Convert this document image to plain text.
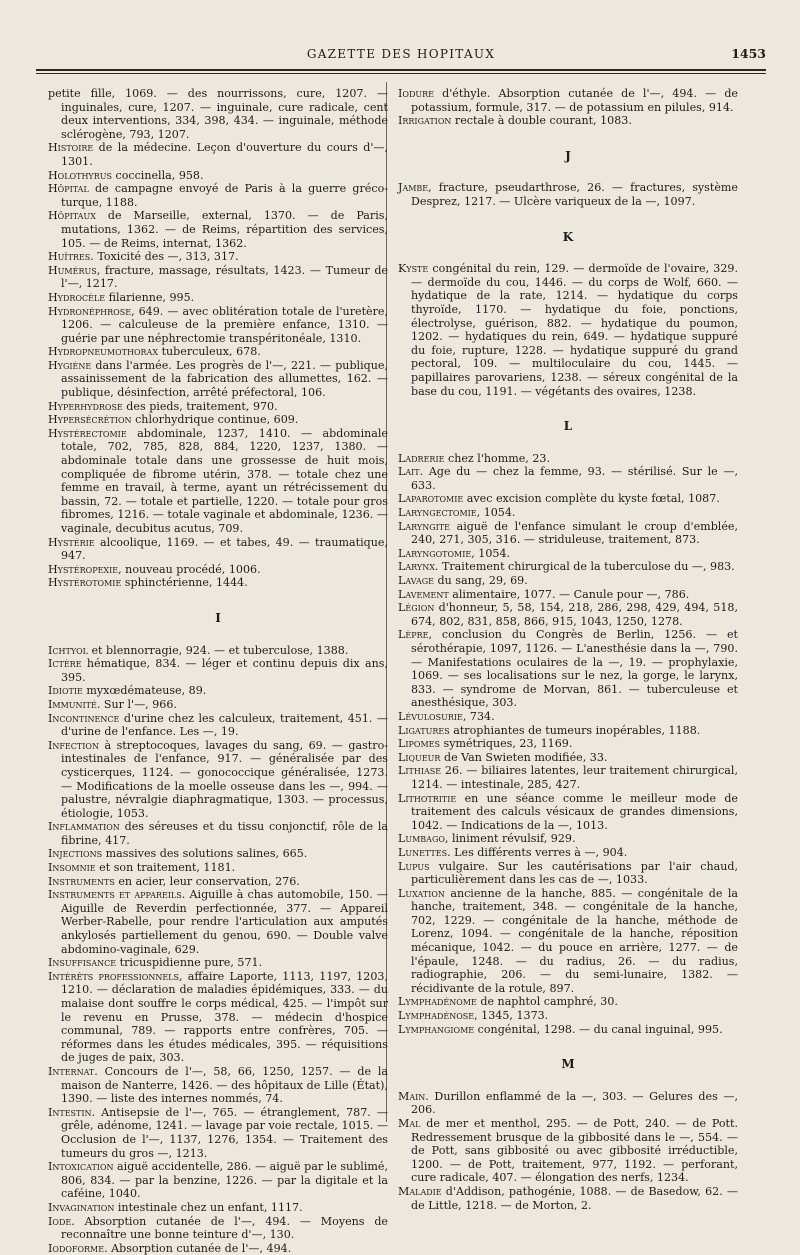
GAZETTE DES HOPITAUX	1453

petite fille, 1069. — des nourrissons, cure, 1207. — inguinales, cure, 1207. — inguinale, cure radicale, cent deux interventions, 334, 398, 434. — inguinale, méthode sclérogène, 793, 1207.

Histoire de la médecine. Leçon d'ouverture du cours d'—, 1301.

Holothyrus coccinella, 958.

Hôpital de campagne envoyé de Paris à la guerre gréco-turque, 1188.

Hôpitaux de Marseille, external, 1370. — de Paris, mutations, 1362. — de Reims, répartition des services, 105. — de Reims, internat, 1362.

Huîtres. Toxicité des —, 313, 317.

Humérus, fracture, massage, résultats, 1423. — Tumeur de l'—, 1217.

Hydrocèle filarienne, 995.

Hydronéphrose, 649. — avec oblitération totale de l'uretère, 1206. — calculeuse de la première enfance, 1310. — guérie par une néphrectomie transpéritonéale, 1310.

Hydropneumothorax tuberculeux, 678.

Hygiène dans l'armée. Les progrès de l'—, 221. — publique, assainissement de la fabrication des allumettes, 162. — publique, désinfection, arrêté préfectoral, 106.

Hyperhydrose des pieds, traitement, 970.

Hypersécrétion chlorhydrique continue, 609.

Hystérectomie abdominale, 1237, 1410. — abdominale totale, 702, 785, 828, 884, 1220, 1237, 1380. — abdominale totale dans une grossesse de huit mois, compliquée de fibrome utérin, 378. — totale chez une femme en travail, à terme, ayant un rétrécissement du bassin, 72. — totale et partielle, 1220. — totale pour gros fibromes, 1216. — totale vaginale et abdominale, 1236. — vaginale, decubitus acutus, 709.

Hystérie alcoolique, 1169. — et tabes, 49. — traumatique, 947.

Hystéropexie, nouveau procédé, 1006.

Hystérotomie sphinctérienne, 1444.

I

Ichtyol et blennorragie, 924. — et tuberculose, 1388.

Ictère hématique, 834. — léger et continu depuis dix ans, 395.

Idiotie myxœdémateuse, 89.

Immunité. Sur l'—, 966.

Incontinence d'urine chez les calculeux, traitement, 451. — d'urine de l'enfance. Les —, 19.

Infection à streptocoques, lavages du sang, 69. — gastro-intestinales de l'enfance, 917. — généralisée par des cysticerques, 1124. — gonococcique généralisée, 1273. — Modifications de la moelle osseuse dans les —, 994. — palustre, névralgie diaphragmatique, 1303. — processus, étiologie, 1053.

Inflammation des séreuses et du tissu conjonctif, rôle de la fibrine, 417.

Injections massives des solutions salines, 665.

Insomnie et son traitement, 1181.

Instruments en acier, leur conservation, 276.

Instruments et appareils. Aiguille à chas automobile, 150. — Aiguille de Reverdin perfectionnée, 377. — Appareil Werber-Rabelle, pour rendre l'articulation aux amputés ankylosés partiellement du genou, 690. — Double valve abdomino-vaginale, 629.

Insuffisance tricuspidienne pure, 571.

Intérêts professionnels, affaire Laporte, 1113, 1197, 1203, 1210. — déclaration de maladies épidémiques, 333. — du malaise dont souffre le corps médical, 425. — l'impôt sur le revenu en Prusse, 378. — médecin d'hospice communal, 789. — rapports entre confrères, 705. — réformes dans les études médicales, 395. — réquisitions de juges de paix, 303.

Internat. Concours de l'—, 58, 66, 1250, 1257. — de la maison de Nanterre, 1426. — des hôpitaux de Lille (État), 1390. — liste des internes nommés, 74.

Intestin. Antisepsie de l'—, 765. — étranglement, 787. — grêle, adénome, 1241. — lavage par voie rectale, 1015. — Occlusion de l'—, 1137, 1276, 1354. — Traitement des tumeurs du gros —, 1213.

Intoxication aiguë accidentelle, 286. — aiguë par le sublimé, 806, 834. — par la benzine, 1226. — par la digitale et la caféine, 1040.

Invagination intestinale chez un enfant, 1117.

Iode. Absorption cutanée de l'—, 494. — Moyens de reconnaître une bonne teinture d'—, 130.

Iodoforme. Absorption cutanée de l'—, 494.

Iodure d'éthyle. Absorption cutanée de l'—, 494. — de potassium, formule, 317. — de potassium en pilules, 914.

Irrigation rectale à double courant, 1083.

J

Jambe, fracture, pseudarthrose, 26. — fractures, système Desprez, 1217. — Ulcère variqueux de la —, 1097.

K

Kyste congénital du rein, 129. — dermoïde de l'ovaire, 329. — dermoïde du cou, 1446. — du corps de Wolf, 660. — hydatique de la rate, 1214. — hydatique du corps thyroïde, 1170. — hydatique du foie, ponctions, électrolyse, guérison, 882. — hydatique du poumon, 1202. — hydatiques du rein, 649. — hydatique suppuré du foie, rupture, 1228. — hydatique suppuré du grand pectoral, 109. — multiloculaire du cou, 1445. — papillaires parovariens, 1238. — séreux congénital de la base du cou, 1191. — végétants des ovaires, 1238.

L

Ladrerie chez l'homme, 23.

Lait. Age du — chez la femme, 93. — stérilisé. Sur le —, 633.

Laparotomie avec excision complète du kyste fœtal, 1087.

Laryngectomie, 1054.

Laryngite aiguë de l'enfance simulant le croup d'emblée, 240, 271, 305, 316. — striduleuse, traitement, 873.

Laryngotomie, 1054.

Larynx. Traitement chirurgical de la tuberculose du —, 983.

Lavage du sang, 29, 69.

Lavement alimentaire, 1077. — Canule pour —, 786.

Légion d'honneur, 5, 58, 154, 218, 286, 298, 429, 494, 518, 674, 802, 831, 858, 866, 915, 1043, 1250, 1278.

Lèpre, conclusion du Congrès de Berlin, 1256. — et sérothérapie, 1097, 1126. — L'anesthésie dans la —, 790. — Manifestations oculaires de la —, 19. — prophylaxie, 1069. — ses localisations sur le nez, la gorge, le larynx, 833. — syndrome de Morvan, 861. — tuberculeuse et anesthésique, 303.

Lévulosurie, 734.

Ligatures atrophiantes de tumeurs inopérables, 1188.

Lipomes symétriques, 23, 1169.

Liqueur de Van Swieten modifiée, 33.

Lithiase 26. — biliaires latentes, leur traitement chirurgical, 1214. — intestinale, 285, 427.

Lithotritie en une séance comme le meilleur mode de traitement des calculs vésicaux de grandes dimensions, 1042. — Indications de la —, 1013.

Lumbago, liniment révulsif, 929.

Lunettes. Les différents verres à —, 904.

Lupus vulgaire. Sur les cautérisations par l'air chaud, particulièrement dans les cas de —, 1033.

Luxation ancienne de la hanche, 885. — congénitale de la hanche, traitement, 348. — congénitale de la hanche, 702, 1229. — congénitale de la hanche, méthode de Lorenz, 1094. — congénitale de la hanche, réposition mécanique, 1042. — du pouce en arrière, 1277. — de l'épaule, 1248. — du radius, 26. — du radius, radiographie, 206. — du semi-lunaire, 1382. — récidivante de la rotule, 897.

Lymphadénome de naphtol camphré, 30.

Lymphadénose, 1345, 1373.

Lymphangiome congénital, 1298. — du canal inguinal, 995.

M

Main. Durillon enflammé de la —, 303. — Gelures des —, 206.

Mal de mer et menthol, 295. — de Pott, 240. — de Pott. Redressement brusque de la gibbosité dans le —, 554. — de Pott, sans gibbosité ou avec gibbosité irréductible, 1200. — de Pott, traitement, 977, 1192. — perforant, cure radicale, 407. — élongation des nerfs, 1234.

Maladie d'Addison, pathogénie, 1088. — de Basedow, 62. — de Little, 1218. — de Morton, 2.
